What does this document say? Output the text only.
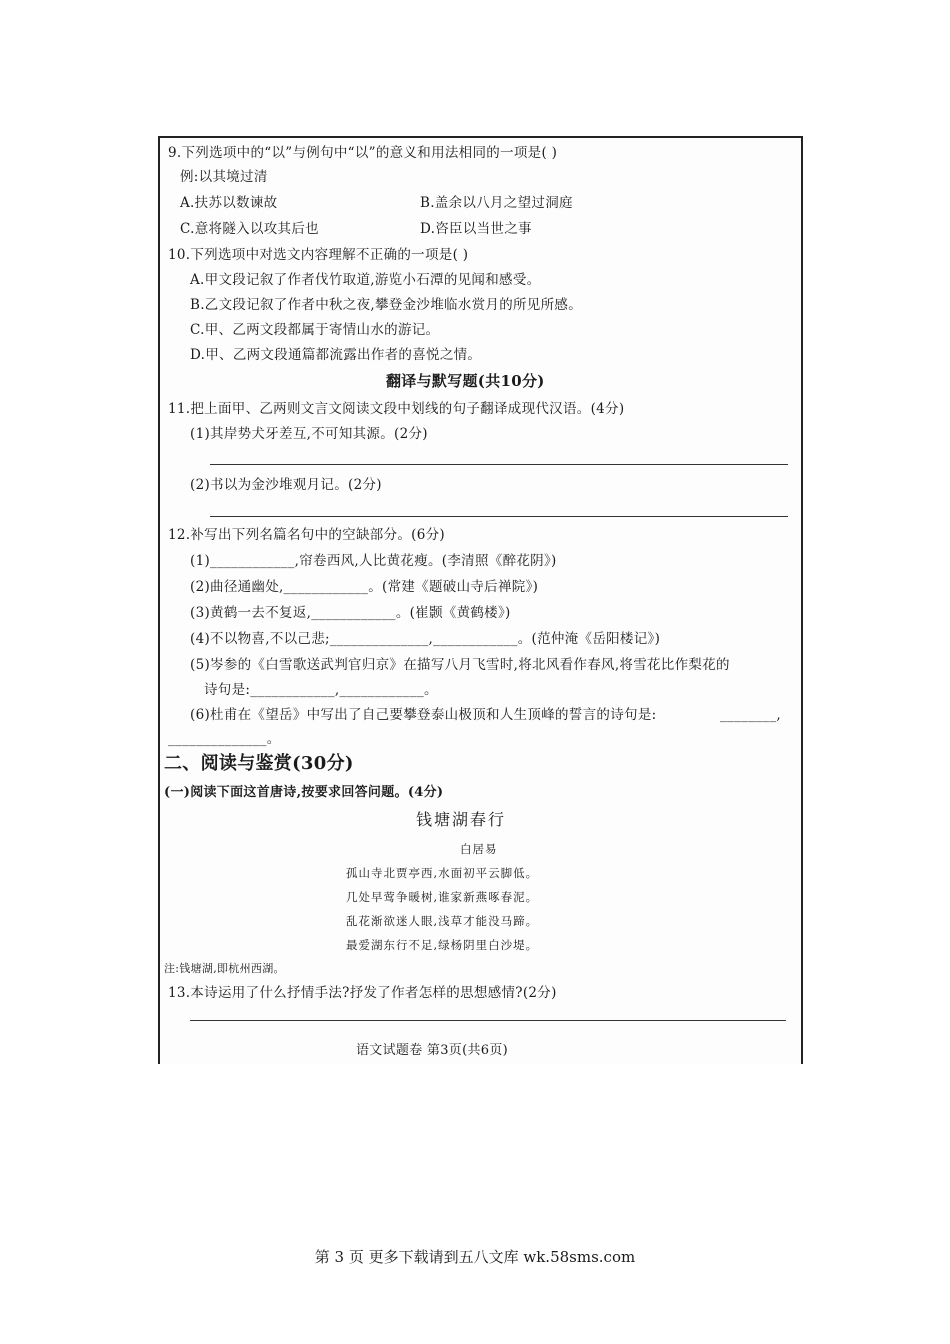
9.下列选项中的“以”与例句中“以”的意义和用法相同的一项是( )
例:以其境过清
A.扶苏以数谏故	B.盖余以八月之望过洞庭
C.意将隧入以攻其后也	D.咨臣以当世之事
10.下列选项中对选文内容理解不正确的一项是( )
A.甲文段记叙了作者伐竹取道,游览小石潭的见闻和感受。
B.乙文段记叙了作者中秋之夜,攀登金沙堆临水赏月的所见所感。
C.甲、乙两文段都属于寄情山水的游记。
D.甲、乙两文段通篇都流露出作者的喜悦之情。
翻译与默写题(共10分)
11.把上面甲、乙两则文言文阅读文段中划线的句子翻译成现代汉语。(4分)
(1)其岸势犬牙差互,不可知其源。(2分)
(2)书以为金沙堆观月记。(2分)
12.补写出下列名篇名句中的空缺部分。(6分)
(1)____________,帘卷西风,人比黄花瘦。(李清照《醉花阴》)
(2)曲径通幽处,____________。(常建《题破山寺后禅院》)
(3)黄鹤一去不复返,____________。(崔颢《黄鹤楼》)
(4)不以物喜,不以己悲;______________,____________。(范仲淹《岳阳楼记》)
(5)岑参的《白雪歌送武判官归京》在描写八月飞雪时,将北风看作春风,将雪花比作梨花的
诗句是:____________,____________。
(6)杜甫在《望岳》中写出了自己要攀登泰山极顶和人生顶峰的誓言的诗句是:	________,
______________。
二、阅读与鉴赏(30分)
(一)阅读下面这首唐诗,按要求回答问题。(4分)
钱塘湖春行
白居易
孤山寺北贾亭西,水面初平云脚低。
几处早莺争暖树,谁家新燕啄春泥。
乱花渐欲迷人眼,浅草才能没马蹄。
最爱湖东行不足,绿杨阴里白沙堤。
注:钱塘湖,即杭州西湖。
13.本诗运用了什么抒情手法?抒发了作者怎样的思想感情?(2分)
语文试题卷 第3页(共6页)
第 3 页 更多下载请到五八文库 wk.58sms.com
